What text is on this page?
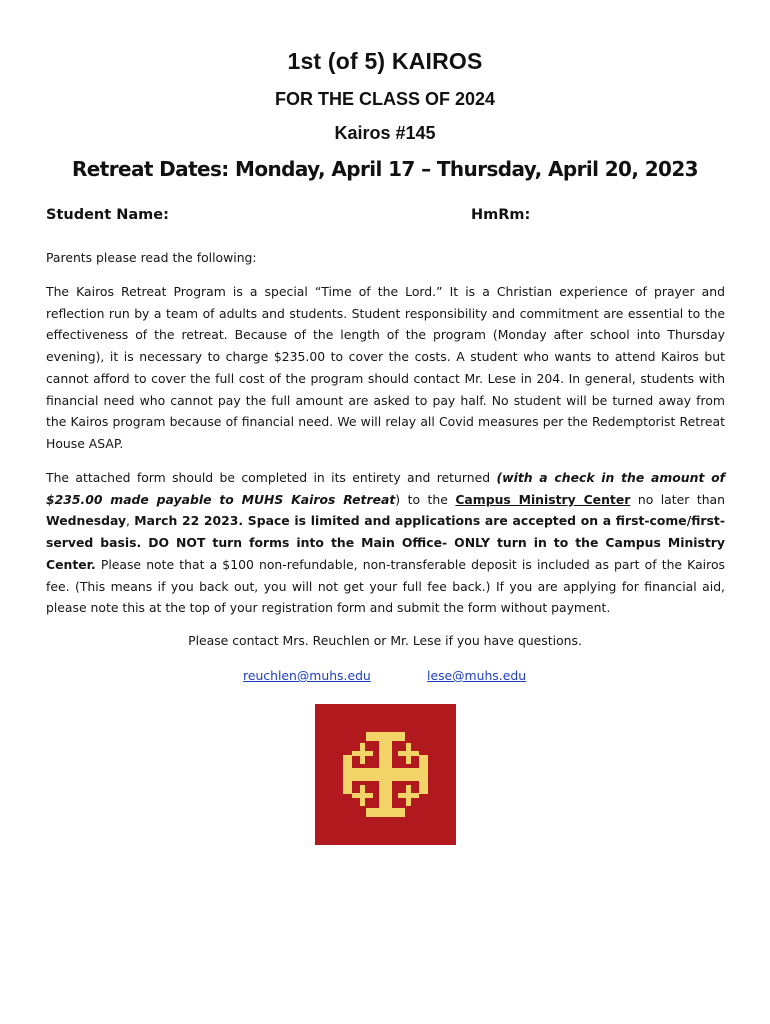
1st (of 5) KAIROS
FOR THE CLASS OF 2024
Kairos #145
Retreat Dates: Monday, April 17 – Thursday, April 20, 2023
Student Name:	HmRm:
Parents please read the following:
The Kairos Retreat Program is a special “Time of the Lord.” It is a Christian experience of prayer and reflection run by a team of adults and students. Student responsibility and commitment are essential to the effectiveness of the retreat. Because of the length of the program (Monday after school into Thursday evening), it is necessary to charge $235.00 to cover the costs. A student who wants to attend Kairos but cannot afford to cover the full cost of the program should contact Mr. Lese in 204. In general, students with financial need who cannot pay the full amount are asked to pay half. No student will be turned away from the Kairos program because of financial need. We will relay all Covid measures per the Redemptorist Retreat House ASAP.
The attached form should be completed in its entirety and returned (with a check in the amount of $235.00 made payable to MUHS Kairos Retreat) to the Campus Ministry Center no later than Wednesday, March 22 2023. Space is limited and applications are accepted on a first-come/first-served basis. DO NOT turn forms into the Main Office- ONLY turn in to the Campus Ministry Center. Please note that a $100 non-refundable, non-transferable deposit is included as part of the Kairos fee. (This means if you back out, you will not get your full fee back.) If you are applying for financial aid, please note this at the top of your registration form and submit the form without payment.
Please contact Mrs. Reuchlen or Mr. Lese if you have questions.
reuchlen@muhs.edu	lese@muhs.edu
